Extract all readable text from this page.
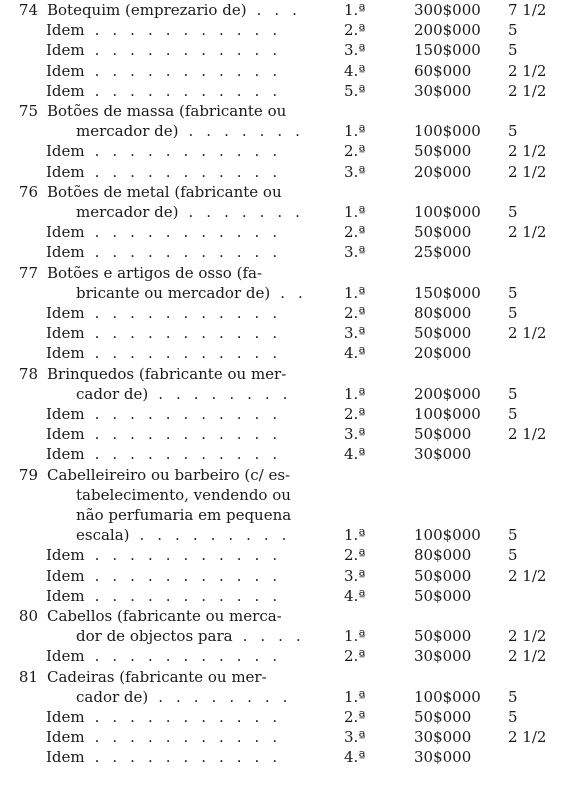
74 Botequim (emprezario de)	1.ª	300$000 7 1/2
...
Idem	2.ª	200$000 5
...........
Idem	3.ª	150$000 5
...........
Idem	4.ª	60$000 2 1/2
...........
Idem	5.ª	30$000 2 1/2
...........
75 Botões de massa (fabricante ou
mercador de)	1.ª	100$000 5
.......
Idem	2.ª	50$000 2 1/2
...........
Idem	3.ª	20$000 2 1/2
...........
76 Botões de metal (fabricante ou
mercador de)	1.ª	100$000 5
.......
Idem	2.ª	50$000 2 1/2
...........
Idem	3.ª	25$000
...........
77 Botões e artigos de osso (fa-
bricante ou mercador de)	1.ª	150$000 5
..
Idem	2.ª	80$000 5
...........
Idem	3.ª	50$000 2 1/2
...........
Idem	4.ª	20$000
...........
78 Brinquedos (fabricante ou mer-
cador de)	1.ª	200$000 5
........
Idem	2.ª	100$000 5
...........
Idem	3.ª	50$000 2 1/2
...........
Idem	4.ª	30$000
...........
79 Cabelleireiro ou barbeiro (c/ es-
tabelecimento, vendendo ou
não perfumaria em pequena
escala)	1.ª	100$000 5
.........
Idem	2.ª	80$000 5
...........
Idem	3.ª	50$000 2 1/2
...........
Idem	4.ª	50$000
...........
80 Cabellos (fabricante ou merca-
dor de objectos para	1.ª	50$000 2 1/2
....
Idem	2.ª	30$000 2 1/2
...........
81 Cadeiras (fabricante ou mer-
cador de)	1.ª	100$000 5
........
Idem	2.ª	50$000 5
...........
Idem	3.ª	30$000 2 1/2
...........
Idem	4.ª	30$000
...........
